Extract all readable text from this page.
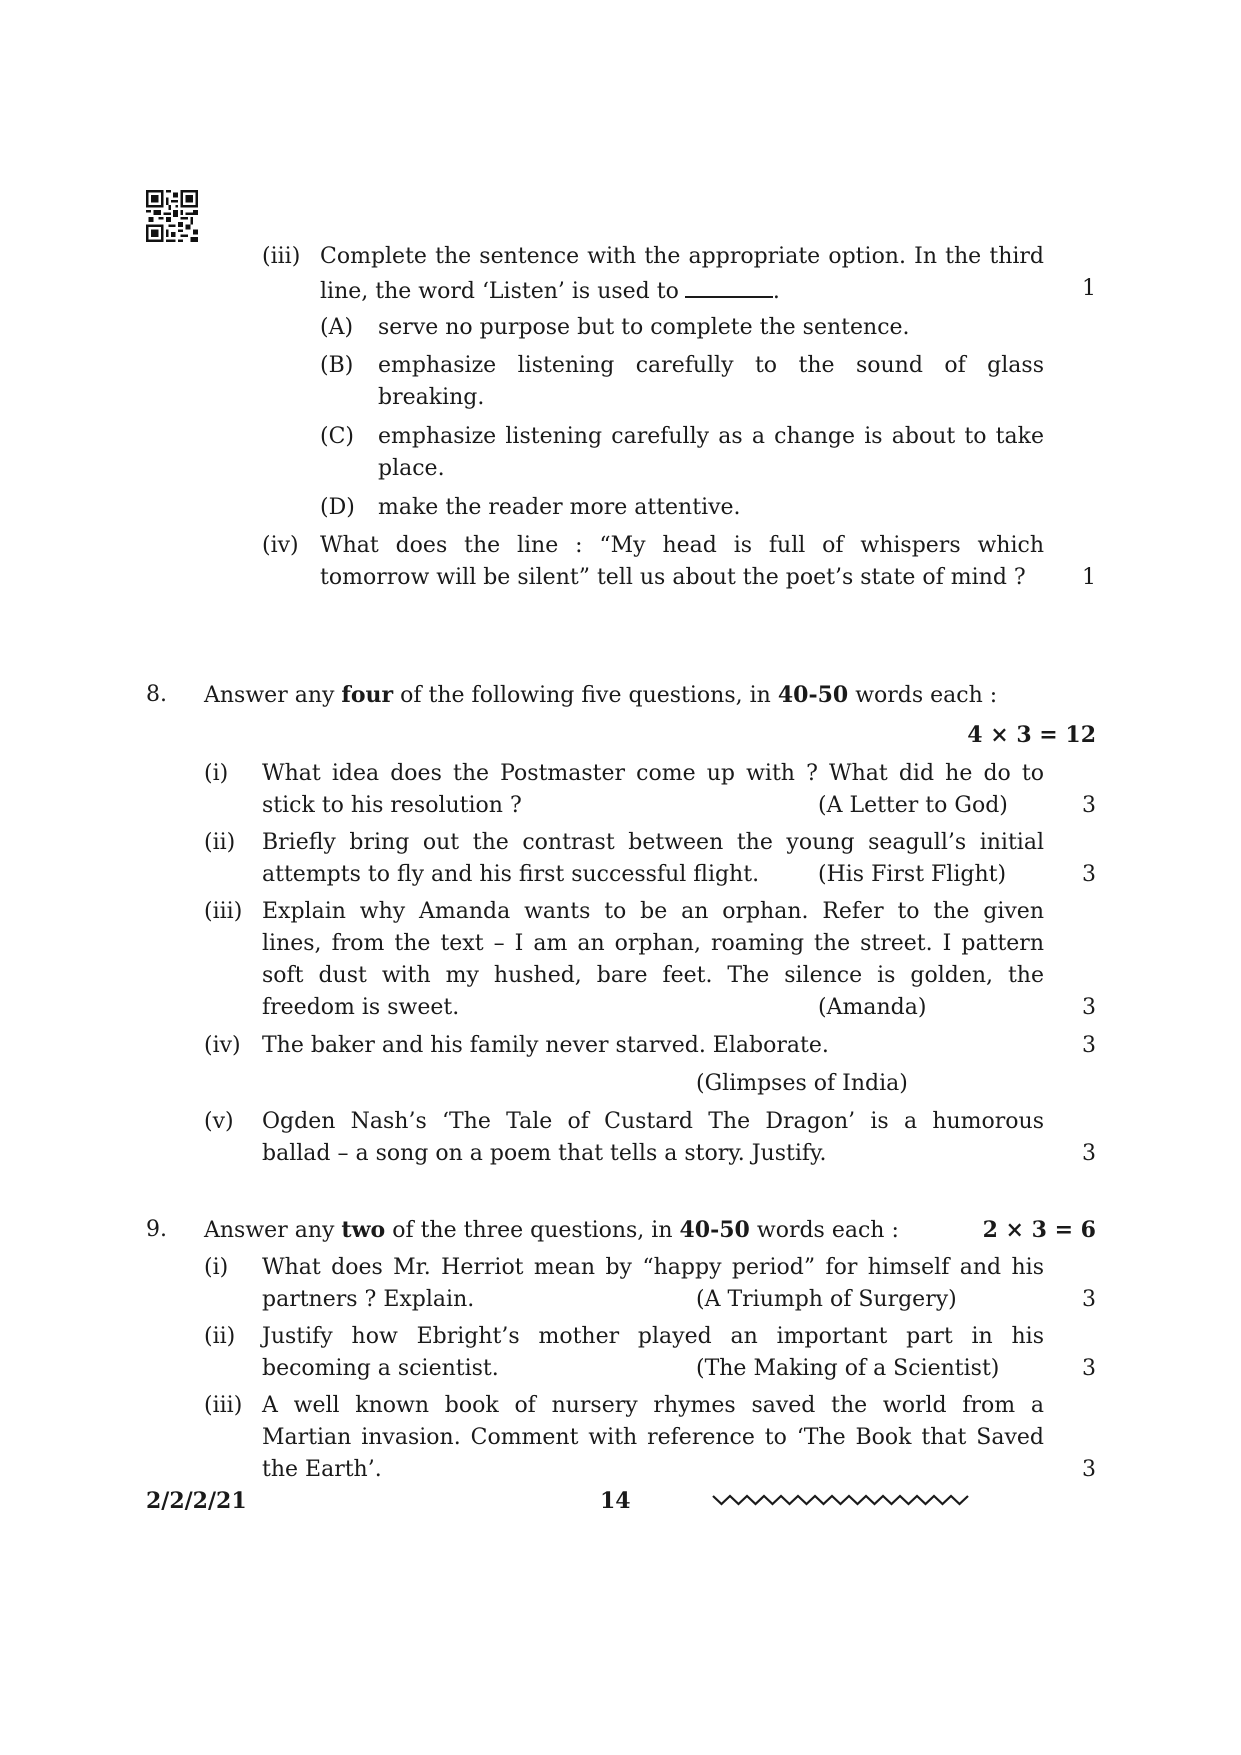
(iii) Complete the sentence with the appropriate option. In the third
line, the word ‘Listen’ is used to	.	1
(A) serve no purpose but to complete the sentence.
(B) emphasize listening carefully to the sound of glass
breaking.
(C) emphasize listening carefully as a change is about to take
place.
(D) make the reader more attentive.
(iv) What does the line : “My head is full of whispers which
tomorrow will be silent” tell us about the poet’s state of mind ?	1
8. Answer any four of the following five questions, in 40-50 words each :
4 × 3 = 12
(i) What idea does the Postmaster come up with ? What did he do to
stick to his resolution ?	(A Letter to God)	3
(ii) Briefly bring out the contrast between the young seagull’s initial
attempts to fly and his first successful flight.	(His First Flight)	3
(iii) Explain why Amanda wants to be an orphan. Refer to the given
lines, from the text – I am an orphan, roaming the street. I pattern
soft dust with my hushed, bare feet. The silence is golden, the
freedom is sweet.	(Amanda)	3
(iv) The baker and his family never starved. Elaborate.	3
(Glimpses of India)
(v) Ogden Nash’s ‘The Tale of Custard The Dragon’ is a humorous
ballad – a song on a poem that tells a story. Justify.	3
9. Answer any two of the three questions, in 40-50 words each :	2 × 3 = 6
(i) What does Mr. Herriot mean by “happy period” for himself and his
partners ? Explain.	(A Triumph of Surgery)	3
(ii) Justify how Ebright’s mother played an important part in his
becoming a scientist.	(The Making of a Scientist)	3
(iii) A well known book of nursery rhymes saved the world from a
Martian invasion. Comment with reference to ‘The Book that Saved
the Earth’.	3
2/2/2/21	14
